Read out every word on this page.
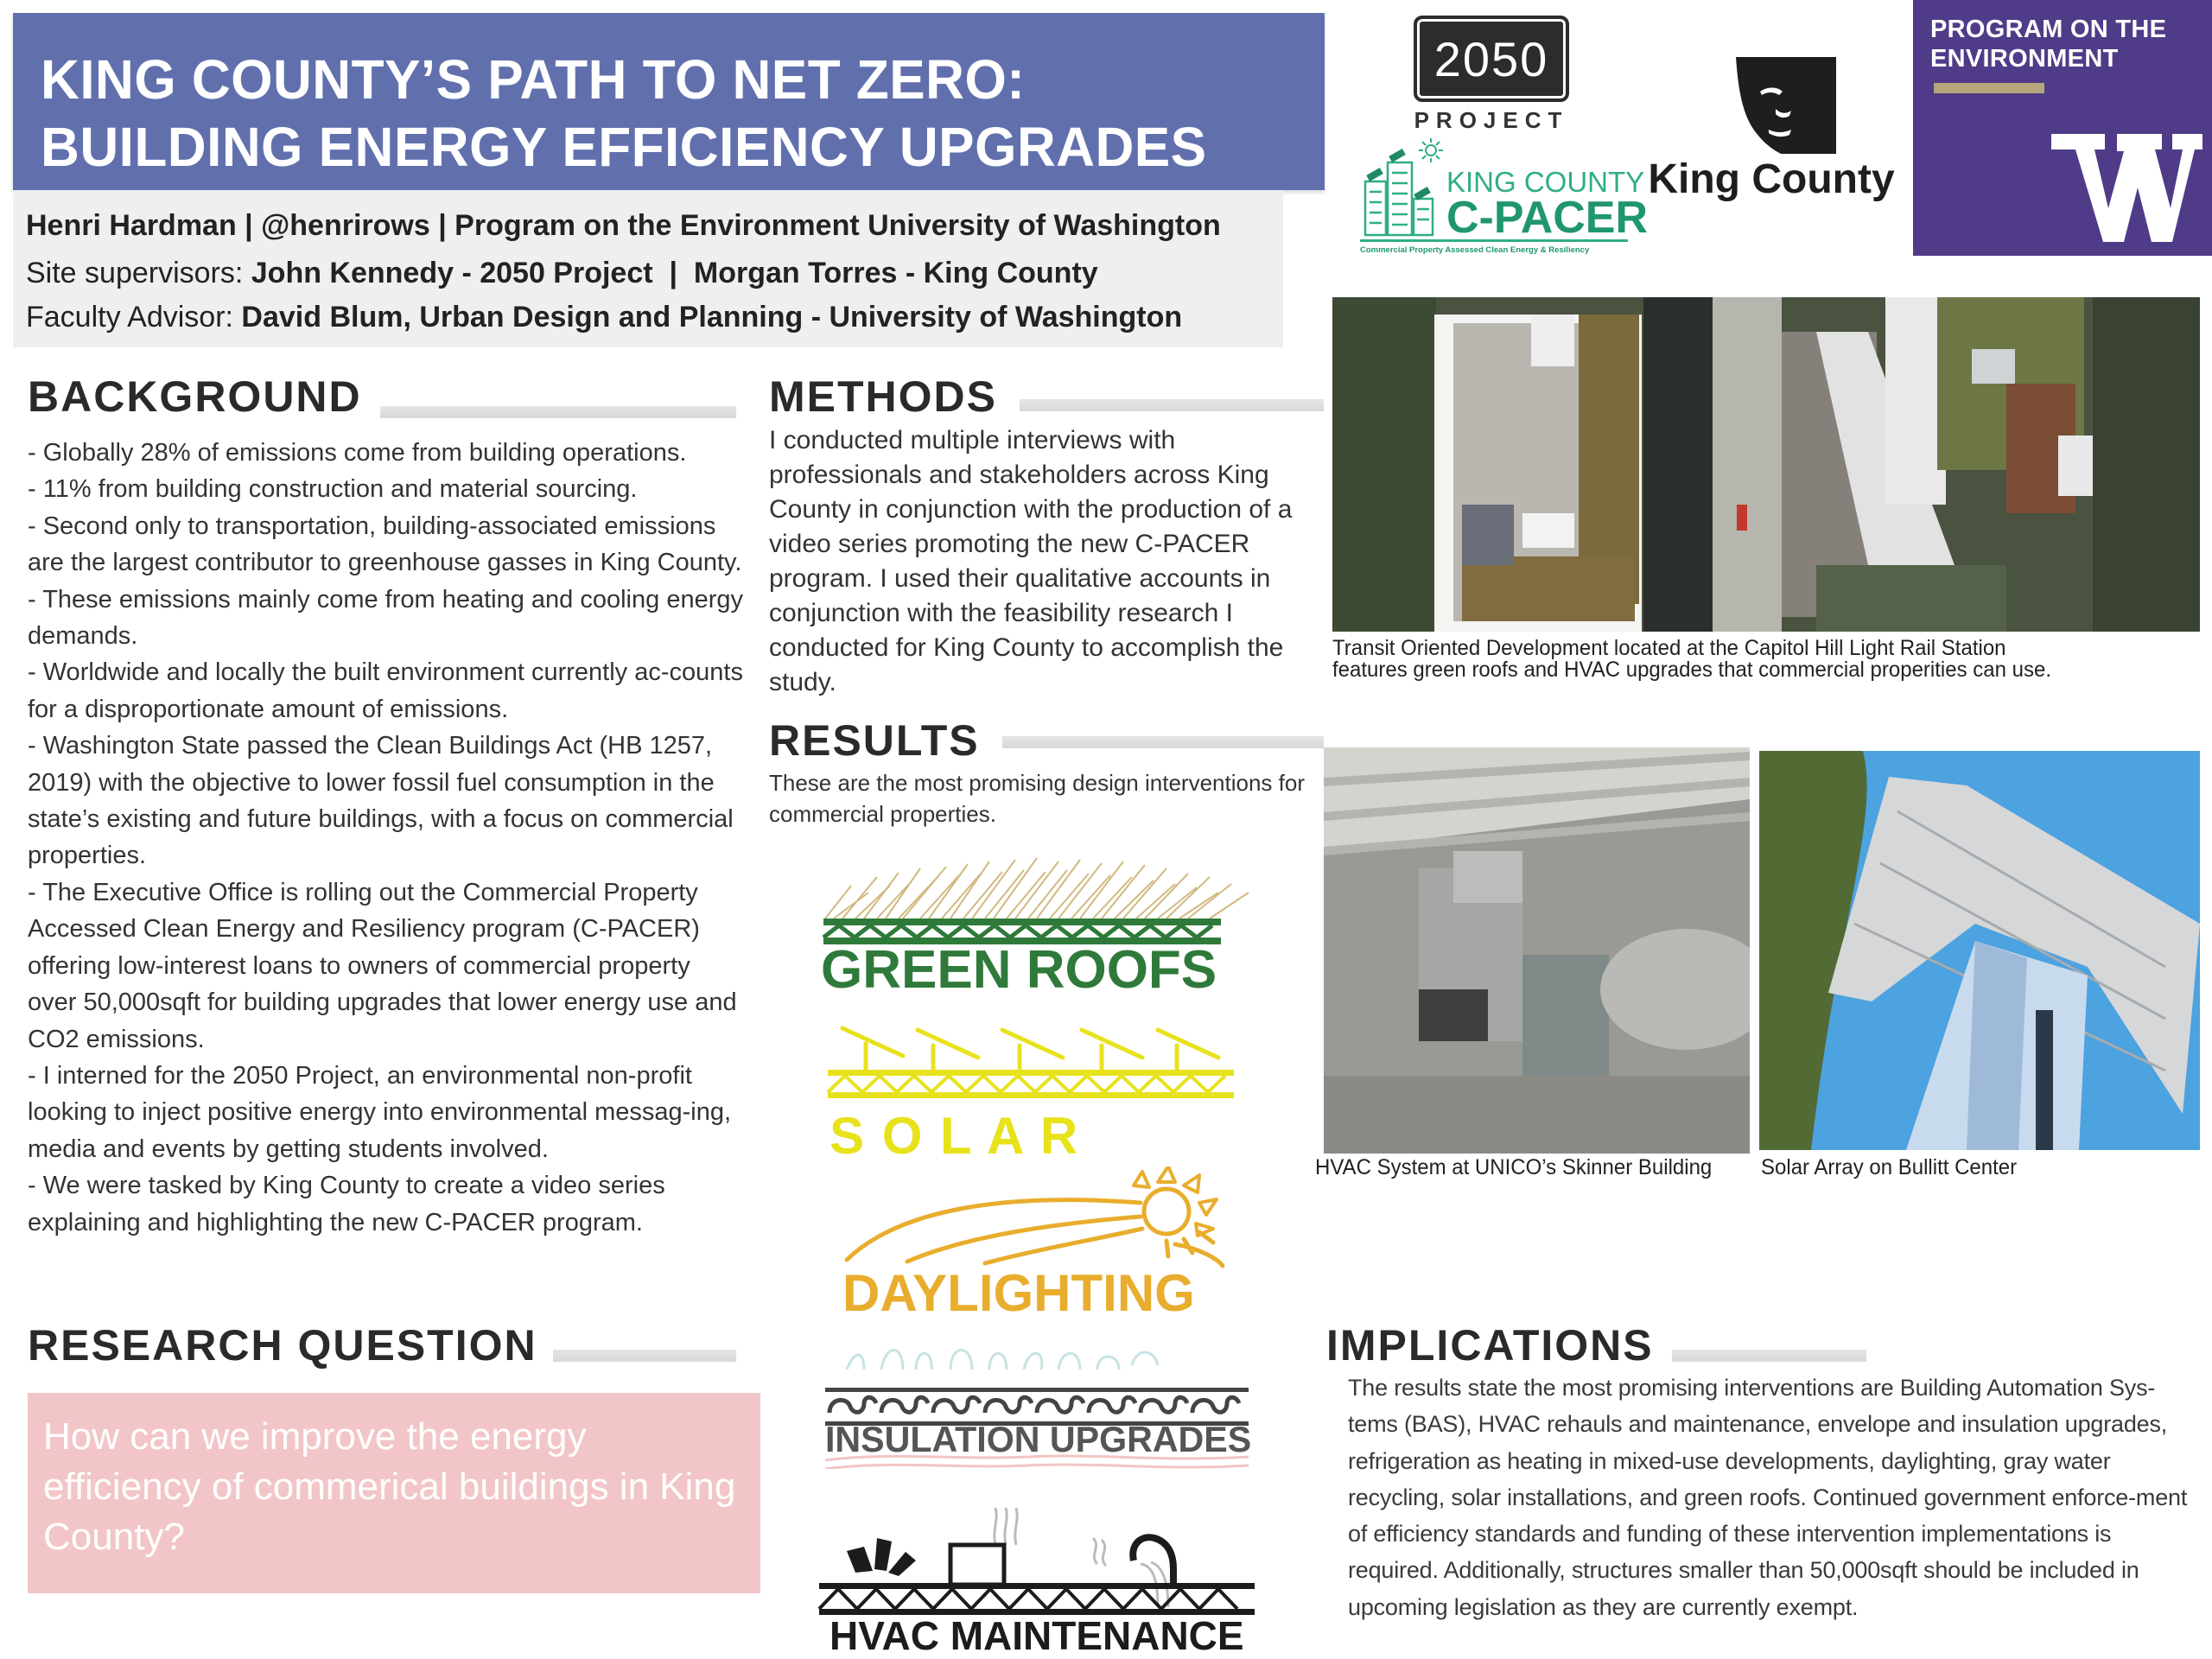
KING COUNTY’S PATH TO NET ZERO:
BUILDING ENERGY EFFICIENCY UPGRADES
Henri Hardman | @henrirows | Program on the Environment University of Washington
Site supervisors: John Kennedy - 2050 Project  |  Morgan Torres - King County
Faculty Advisor: David Blum, Urban Design and Planning - University of Washington
2050
PROJECT
KING COUNTY
C-PACER
Commercial Property Assessed Clean Energy & Resiliency
King County
PROGRAM ON THE
ENVIRONMENT
BACKGROUND

- Globally 28% of emissions come from building operations.

- 11% from building construction and material sourcing.

- Second only to transportation, building-associated emissions are the largest contributor to greenhouse gasses in King County.

- These emissions mainly come from heating and cooling energy demands.

- Worldwide and locally the built environment currently ac-counts for a disproportionate amount of emissions.

- Washington State passed the Clean Buildings Act (HB 1257, 2019) with the objective to lower fossil fuel consumption in the state’s existing and future buildings, with a focus on commercial properties.

- The Executive Office is rolling out the Commercial Property Accessed Clean Energy and Resiliency program (C-PACER) offering low-interest loans to owners of commercial property over 50,000sqft for building upgrades that lower energy use and CO2 emissions.

- I interned for the 2050 Project, an environmental non-profit looking to inject positive energy into environmental messag-ing, media and events by getting students involved.

- We were tasked by King County to create a video series explaining and highlighting the new C-PACER program.

RESEARCH QUESTION
How can we improve the energy efficiency of commerical buildings in King County?
METHODS
I conducted multiple interviews with professionals and stakeholders across King County in conjunction with the production of a video series promoting the new C-PACER program. I used their qualitative accounts in conjunction with the feasibility research I conducted for King County to accomplish the study.
RESULTS
These are the most promising design interventions for commercial properties.
GREEN ROOFS
S O L A R
DAYLIGHTING
INSULATION UPGRADES
HVAC MAINTENANCE
Transit Oriented Development located at the Capitol Hill Light Rail Station
features green roofs and HVAC upgrades that commercial properities can use.
HVAC System at UNICO’s Skinner Building Solar Array on Bullitt Center
IMPLICATIONS
The results state the most promising interventions are Building Automation Sys-tems (BAS), HVAC rehauls and maintenance, envelope and insulation upgrades, refrigeration as heating in mixed-use developments, daylighting, gray water recycling, solar installations, and green roofs. Continued government enforce-ment of efficiency standards and funding of these intervention implementations is required. Additionally, structures smaller than 50,000sqft should be included in upcoming legislation as they are currently exempt.
